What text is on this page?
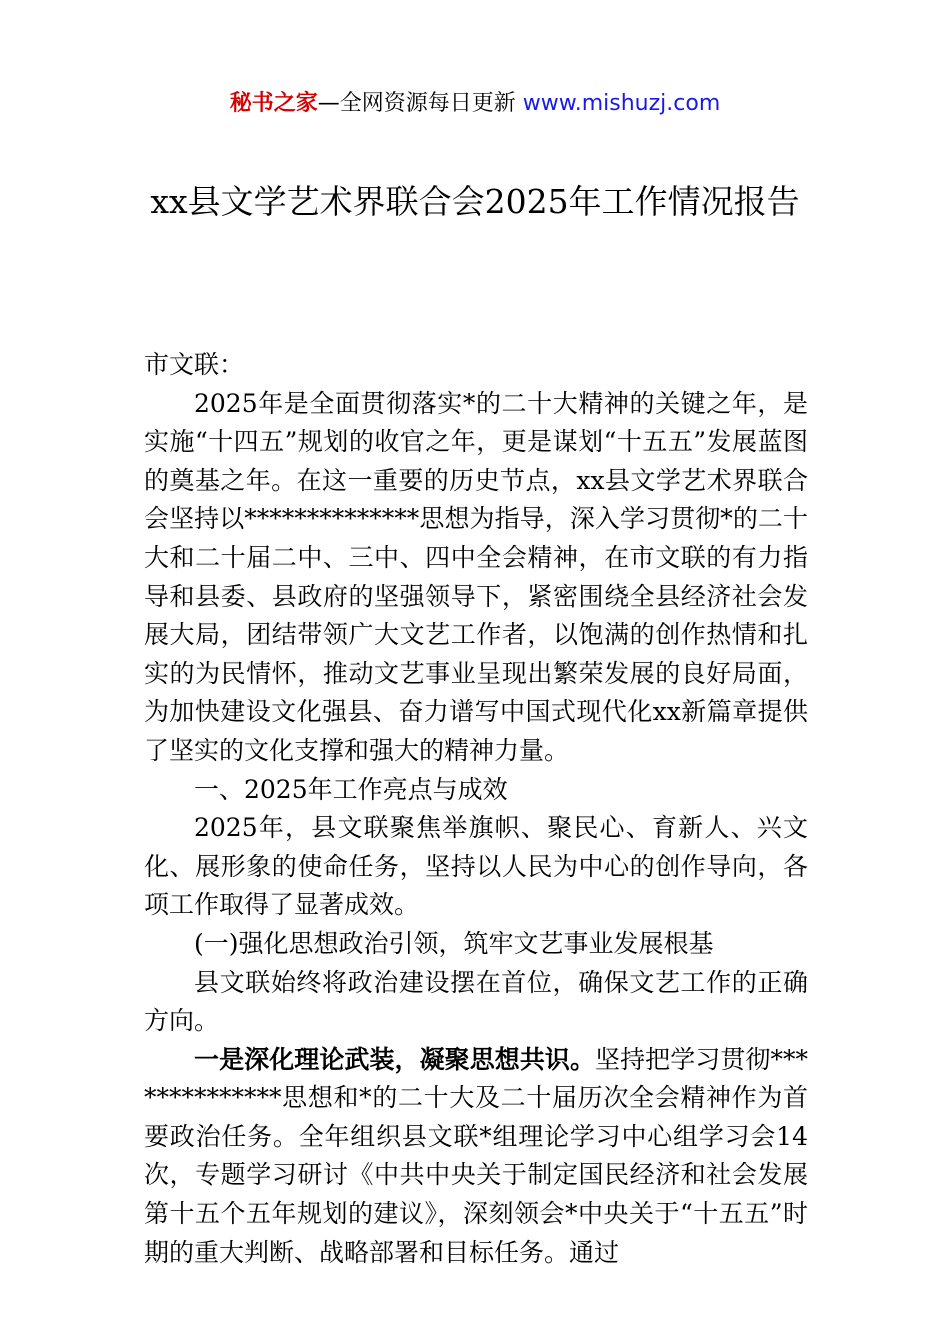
秘书之家—全网资源每日更新 www.mishuzj.com
xx县文学艺术界联合会2025年工作情况报告

市文联：

2025年是全面贯彻落实*的二十大精神的关键之年，是实施“十四五”规划的收官之年，更是谋划“十五五”发展蓝图的奠基之年。在这一重要的历史节点，xx县文学艺术界联合会坚持以**************思想为指导，深入学习贯彻*的二十大和二十届二中、三中、四中全会精神，在市文联的有力指导和县委、县政府的坚强领导下，紧密围绕全县经济社会发展大局，团结带领广大文艺工作者，以饱满的创作热情和扎实的为民情怀，推动文艺事业呈现出繁荣发展的良好局面，为加快建设文化强县、奋力谱写中国式现代化xx新篇章提供了坚实的文化支撑和强大的精神力量。

一、2025年工作亮点与成效

2025年，县文联聚焦举旗帜、聚民心、育新人、兴文化、展形象的使命任务，坚持以人民为中心的创作导向，各项工作取得了显著成效。

(一)强化思想政治引领，筑牢文艺事业发展根基

县文联始终将政治建设摆在首位，确保文艺工作的正确方向。

一是深化理论武装，凝聚思想共识。坚持把学习贯彻**************思想和*的二十大及二十届历次全会精神作为首要政治任务。全年组织县文联*组理论学习中心组学习会14次，专题学习研讨《中共中央关于制定国民经济和社会发展第十五个五年规划的建议》，深刻领会*中央关于“十五五”时期的重大判断、战略部署和目标任务。通过
